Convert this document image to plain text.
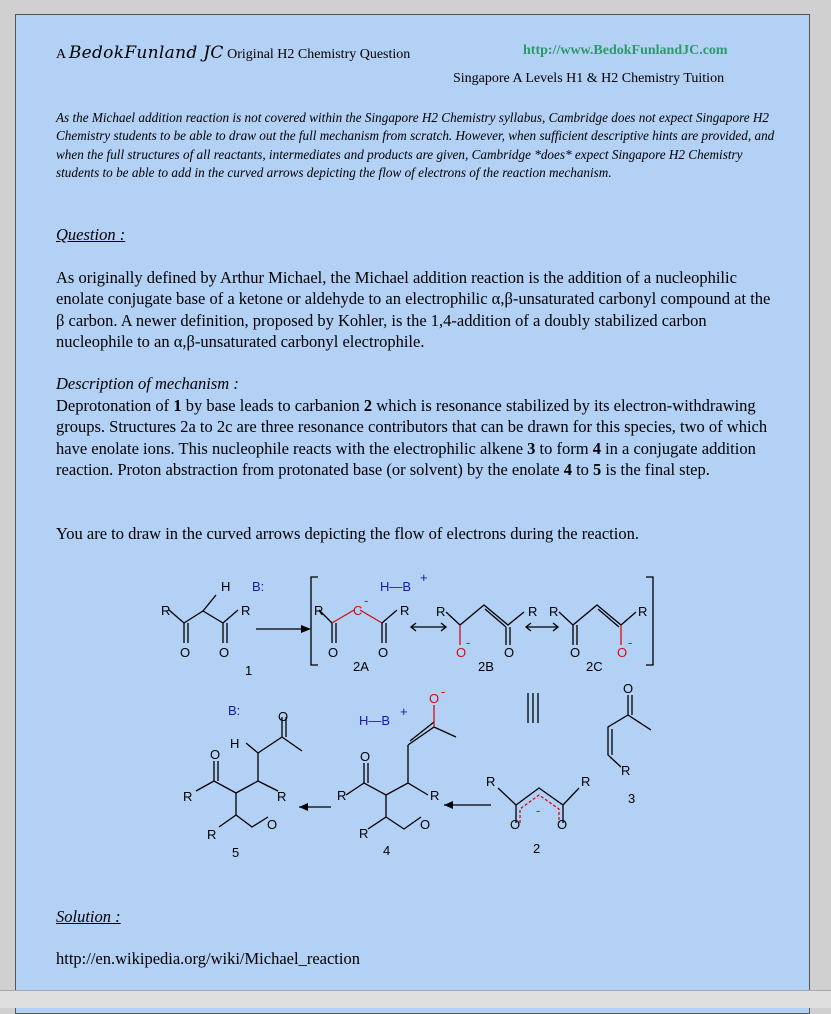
A BedokFunland JC Original H2 Chemistry Question	http://www.BedokFunlandJC.com
Singapore A Levels H1 & H2 Chemistry Tuition
As the Michael addition reaction is not covered within the Singapore H2 Chemistry syllabus, Cambridge does not expect Singapore H2 Chemistry students to be able to draw out the full mechanism from scratch. However, when sufficient descriptive hints are provided, and when the full structures of all reactants, intermediates and products are given, Cambridge *does* expect Singapore H2 Chemistry students to be able to add in the curved arrows depicting the flow of electrons of the reaction mechanism.
Question :
As originally defined by Arthur Michael, the Michael addition reaction is the addition of a nucleophilic enolate conjugate base of a ketone or aldehyde to an electrophilic α,β-unsaturated carbonyl compound at the β carbon. A newer definition, proposed by Kohler, is the 1,4-addition of a doubly stabilized carbon nucleophile to an α,β-unsaturated carbonyl electrophile.
Description of mechanism :
Deprotonation of 1 by base leads to carbanion 2 which is resonance stabilized by its electron-withdrawing groups. Structures 2a to 2c are three resonance contributors that can be drawn for this species, two of which have enolate ions. This nucleophile reacts with the electrophilic alkene 3 to form 4 in a conjugate addition reaction. Proton abstraction from protonated base (or solvent) by the enolate 4 to 5 is the final step.
You are to draw in the curved arrows depicting the flow of electrons during the reaction.
R	R
O O
H B:
1
H—B
+
R	R
C
-
O	O
2A
R	R
O
-
O
2B
R	R
O	O
-
2C
O
R
3
R	R
O	O
-
2
H—B
+
O -
R	R
O
R
O
4
B:	O
H
O
R	R
R
O
5
Solution :
http://en.wikipedia.org/wiki/Michael_reaction
